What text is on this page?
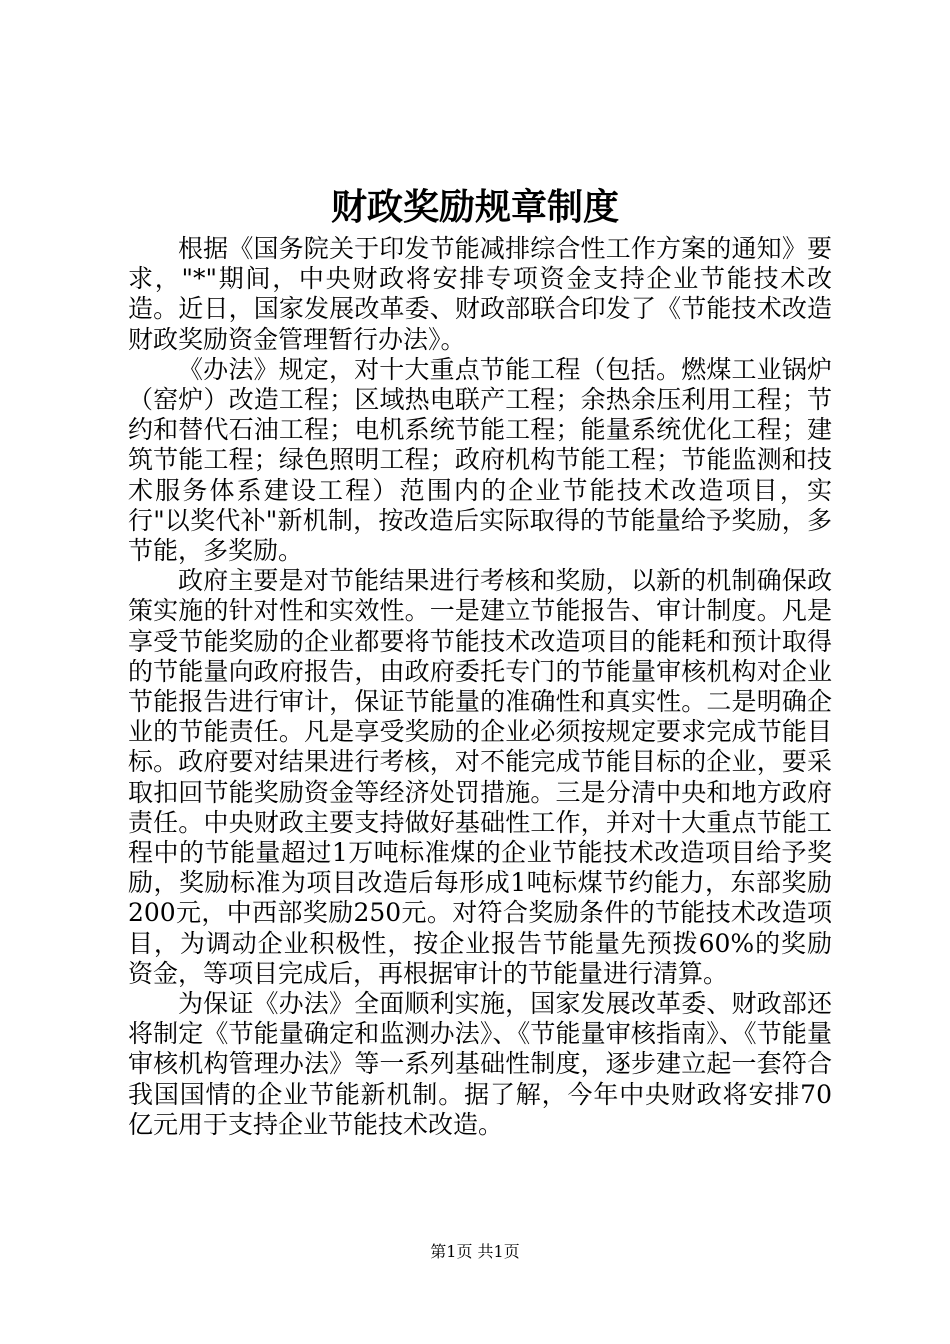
财政奖励规章制度

根据《国务院关于印发节能减排综合性工作方案的通知》要求，"*"期间，中央财政将安排专项资金支持企业节能技术改造。近日，国家发展改革委、财政部联合印发了《节能技术改造财政奖励资金管理暂行办法》。

《办法》规定，对十大重点节能工程（包括。燃煤工业锅炉（窑炉）改造工程；区域热电联产工程；余热余压利用工程；节约和替代石油工程；电机系统节能工程；能量系统优化工程；建筑节能工程；绿色照明工程；政府机构节能工程；节能监测和技术服务体系建设工程）范围内的企业节能技术改造项目，实行"以奖代补"新机制，按改造后实际取得的节能量给予奖励，多节能，多奖励。

政府主要是对节能结果进行考核和奖励，以新的机制确保政策实施的针对性和实效性。一是建立节能报告、审计制度。凡是享受节能奖励的企业都要将节能技术改造项目的能耗和预计取得的节能量向政府报告，由政府委托专门的节能量审核机构对企业节能报告进行审计，保证节能量的准确性和真实性。二是明确企业的节能责任。凡是享受奖励的企业必须按规定要求完成节能目标。政府要对结果进行考核，对不能完成节能目标的企业，要采取扣回节能奖励资金等经济处罚措施。三是分清中央和地方政府责任。中央财政主要支持做好基础性工作，并对十大重点节能工程中的节能量超过1万吨标准煤的企业节能技术改造项目给予奖励，奖励标准为项目改造后每形成1吨标煤节约能力，东部奖励200元，中西部奖励250元。对符合奖励条件的节能技术改造项目，为调动企业积极性，按企业报告节能量先预拨60%的奖励资金，等项目完成后，再根据审计的节能量进行清算。

为保证《办法》全面顺利实施，国家发展改革委、财政部还将制定《节能量确定和监测办法》、《节能量审核指南》、《节能量审核机构管理办法》等一系列基础性制度，逐步建立起一套符合我国国情的企业节能新机制。据了解，今年中央财政将安排70亿元用于支持企业节能技术改造。

第1页 共1页
